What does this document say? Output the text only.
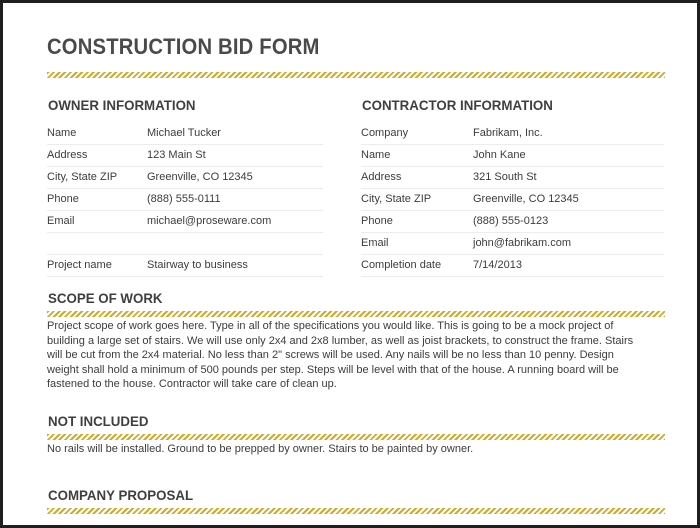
CONSTRUCTION BID FORM
OWNER INFORMATION
Name	Michael Tucker
Address	123 Main St
City, State ZIP	Greenville, CO 12345
Phone	(888) 555-0111
Email	michael@proseware.com
Project name	Stairway to business
CONTRACTOR INFORMATION
Company	Fabrikam, Inc.
Name	John Kane
Address	321 South St
City, State ZIP	Greenville, CO 12345
Phone	(888) 555-0123
Email	john@fabrikam.com
Completion date	7/14/2013
SCOPE OF WORK
Project scope of work goes here. Type in all of the specifications you would like. This is going to be a mock project of
building a large set of stairs. We will use only 2x4 and 2x8 lumber, as well as joist brackets, to construct the frame. Stairs
will be cut from the 2x4 material. No less than 2" screws will be used. Any nails will be no less than 10 penny. Design
weight shall hold a minimum of 500 pounds per step. Steps will be level with that of the house. A running board will be
fastened to the house. Contractor will take care of clean up.
NOT INCLUDED
No rails will be installed. Ground to be prepped by owner. Stairs to be painted by owner.
COMPANY PROPOSAL
